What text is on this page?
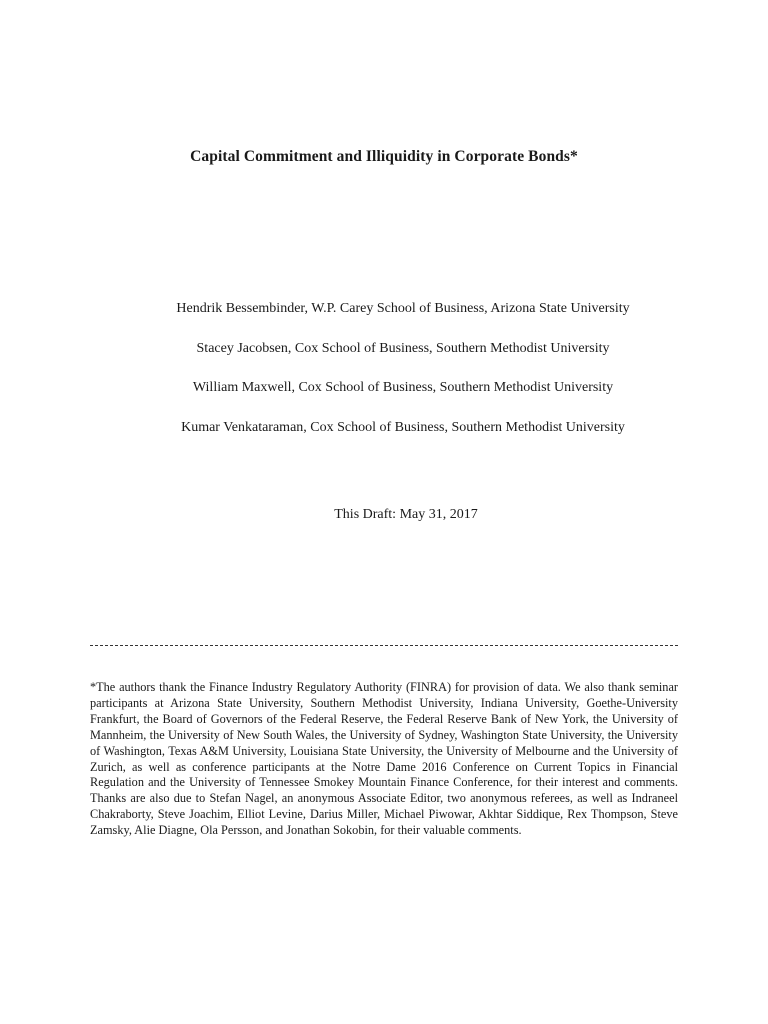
Capital Commitment and Illiquidity in Corporate Bonds*
Hendrik Bessembinder, W.P. Carey School of Business, Arizona State University
Stacey Jacobsen, Cox School of Business, Southern Methodist University
William Maxwell, Cox School of Business, Southern Methodist University
Kumar Venkataraman, Cox School of Business, Southern Methodist University
This Draft: May 31, 2017
*The authors thank the Finance Industry Regulatory Authority (FINRA) for provision of data. We also thank seminar participants at Arizona State University, Southern Methodist University, Indiana University, Goethe-University Frankfurt, the Board of Governors of the Federal Reserve, the Federal Reserve Bank of New York, the University of Mannheim, the University of New South Wales, the University of Sydney, Washington State University, the University of Washington, Texas A&M University, Louisiana State University, the University of Melbourne and the University of Zurich, as well as conference participants at the Notre Dame 2016 Conference on Current Topics in Financial Regulation and the University of Tennessee Smokey Mountain Finance Conference, for their interest and comments. Thanks are also due to Stefan Nagel, an anonymous Associate Editor, two anonymous referees, as well as Indraneel Chakraborty, Steve Joachim, Elliot Levine, Darius Miller, Michael Piwowar, Akhtar Siddique, Rex Thompson, Steve Zamsky, Alie Diagne, Ola Persson, and Jonathan Sokobin, for their valuable comments.
